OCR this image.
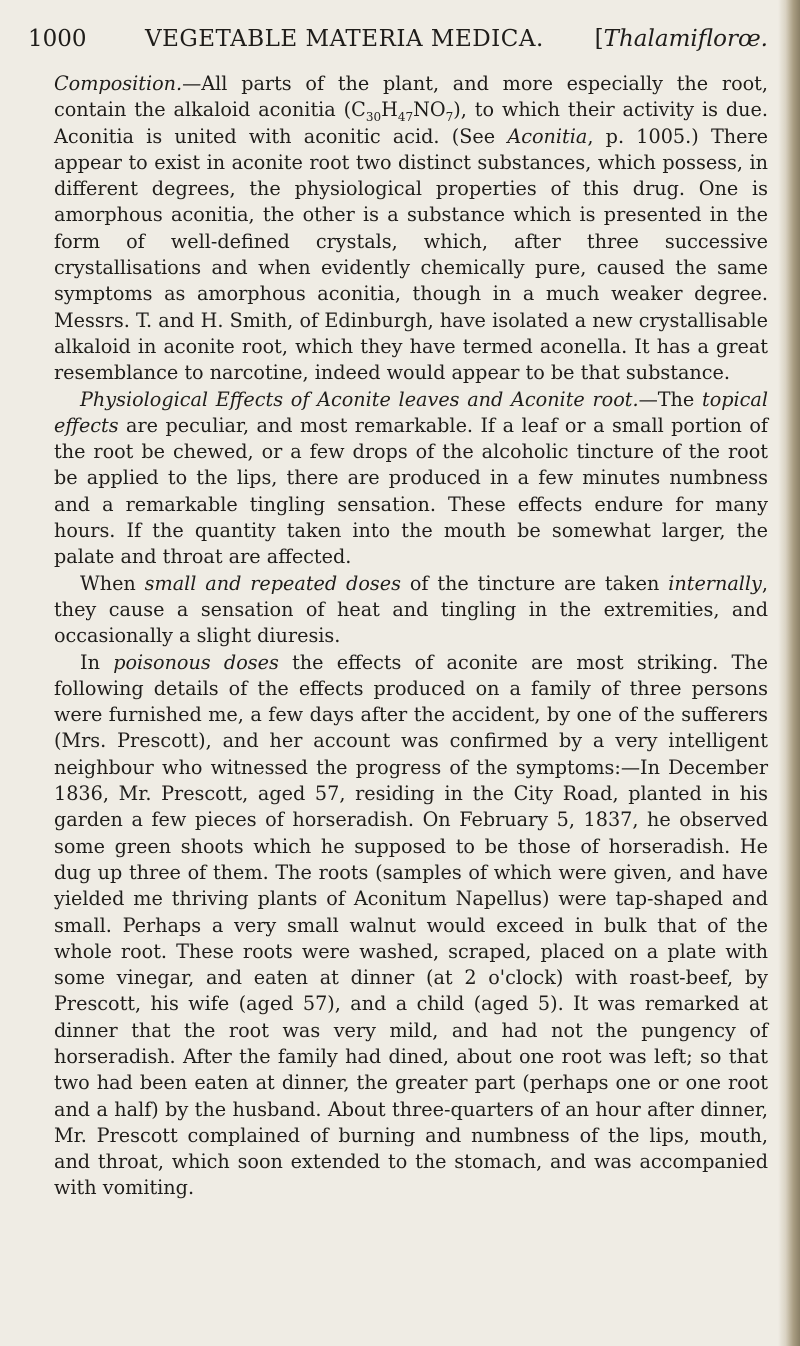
1000	VEGETABLE MATERIA MEDICA. [Thalamiflorœ.

Composition.—All parts of the plant, and more especially the root, contain the alkaloid aconitia $(C_{30}H_{47}NO_7)$, to which their activity is due. Aconitia is united with aconitic acid. (See Aconitia, p. 1005.) There appear to exist in aconite root two distinct substances, which possess, in different degrees, the physiological properties of this drug. One is amorphous aconitia, the other is a substance which is presented in the form of well-defined crystals, which, after three successive crystallisations and when evidently chemically pure, caused the same symptoms as amorphous aconitia, though in a much weaker degree. Messrs. T. and H. Smith, of Edinburgh, have isolated a new crystallisable alkaloid in aconite root, which they have termed aconella. It has a great resemblance to narcotine, indeed would appear to be that substance.

Physiological Effects of Aconite leaves and Aconite root.—The topical effects are peculiar, and most remarkable. If a leaf or a small portion of the root be chewed, or a few drops of the alcoholic tincture of the root be applied to the lips, there are produced in a few minutes numbness and a remarkable tingling sensation. These effects endure for many hours. If the quantity taken into the mouth be somewhat larger, the palate and throat are affected.

When small and repeated doses of the tincture are taken internally, they cause a sensation of heat and tingling in the extremities, and occasionally a slight diuresis.

In poisonous doses the effects of aconite are most striking. The following details of the effects produced on a family of three persons were furnished me, a few days after the accident, by one of the sufferers (Mrs. Prescott), and her account was confirmed by a very intelligent neighbour who witnessed the progress of the symptoms:—In December 1836, Mr. Prescott, aged 57, residing in the City Road, planted in his garden a few pieces of horseradish. On February 5, 1837, he observed some green shoots which he supposed to be those of horseradish. He dug up three of them. The roots (samples of which were given, and have yielded me thriving plants of Aconitum Napellus) were tap-shaped and small. Perhaps a very small walnut would exceed in bulk that of the whole root. These roots were washed, scraped, placed on a plate with some vinegar, and eaten at dinner (at 2 o'clock) with roast-beef, by Prescott, his wife (aged 57), and a child (aged 5). It was remarked at dinner that the root was very mild, and had not the pungency of horseradish. After the family had dined, about one root was left; so that two had been eaten at dinner, the greater part (perhaps one or one root and a half) by the husband. About three-quarters of an hour after dinner, Mr. Prescott complained of burning and numbness of the lips, mouth, and throat, which soon extended to the stomach, and was accompanied with vomiting.
